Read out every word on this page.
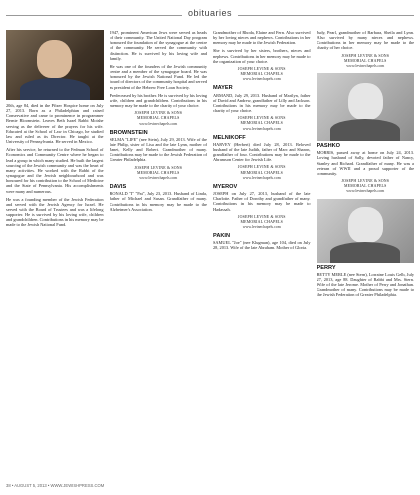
obituaries

20th, age 84, died in the Pfizer Hospice home on July 27, 2013. Born as a Philadelphian and raised Conservative and came to prominence in programmer Bernie Bloomstein. Leaves Beth Israel Rabbi Moishe serving as the deliverer of the prayers for his wife. Educated at the School of Law in Chicago, he studied law and ruled as its Director. He taught at the University of Pennsylvania. He served in Mexico.

After his service, he returned to the Fedman School of Economics and Community Centre where he began to lead a group in which many studied. He built the largest sourcing of the Jewish community and was the heart of many activities. He worked with the Rabbi of the synagogue and the Jewish neighbourhood and was honoured for his contribution to the School of Medicine and the State of Pennsylvania. His accomplishments were many and numerous.

He was a founding member of the Jewish Federation and served with the Jewish Agency for Israel. He served with the Board of Trustees and was a lifelong supporter. He is survived by his loving wife, children and grandchildren. Contributions in his memory may be made to the Jewish National Fund.

1947, prominent American Jews were served as heads of their community. The United National Day program honoured the foundation of the synagogue at the centre of the community. He served the community with distinction. He is survived by his loving wife and family.

He was one of the founders of the Jewish community centre and a member of the synagogue board. He was honoured by the Jewish National Fund. He led the board of directors of the community hospital and served as president of the Hebrew Free Loan Society.

Predeceased by his brother. He is survived by his loving wife, children and grandchildren. Contributions in his memory may be made to the charity of your choice.

JOSEPH LEVINE & SONS
MEMORIAL CHAPELS
www.levinechapels.com

BROWNSTEIN
SELMA "LIFE" (nee Stein), July 29, 2013. Wife of the late Philip, sister of Lisa and the late Lynn, mother of Janet, Kelly and Robert. Grandmother of many. Contributions may be made to the Jewish Federation of Greater Philadelphia.

JOSEPH LEVINE & SONS
MEMORIAL CHAPELS
www.levinechapels.com

DAVIS
RONALD "I" "Pat", July 23, 2013. Husband of Linda, father of Michael and Susan. Grandfather of many. Contributions in his memory may be made to the Alzheimer's Association.

Grandmother of Rhoda, Elaine and Fern. Also survived by her loving nieces and nephews. Contributions in her memory may be made to the Jewish Federation.

She is survived by her sisters, brothers, nieces and nephews. Contributions in her memory may be made to the organization of your choice.

JOSEPH LEVINE & SONS
MEMORIAL CHAPELS
www.levinechapels.com

MAYER
ARMAND, July 29, 2013. Husband of Marilyn, father of David and Andrew, grandfather of Lilly and Jackson. Contributions in his memory may be made to the charity of your choice.

JOSEPH LEVINE & SONS
MEMORIAL CHAPELS
www.levinechapels.com

MELNIKOFF
HARVEY (Herbert) died July 28, 2013. Beloved husband of the late Judith, father of Marc and Sharon, grandfather of four. Contributions may be made to the Abramson Center for Jewish Life.

JOSEPH LEVINE & SONS
MEMORIAL CHAPELS
www.levinechapels.com

MYEROV
JOSEPH on July 27, 2013, husband of the late Charlotte. Father of Dorothy and grandfather of many. Contributions in his memory may be made to Hadassah.

JOSEPH LEVINE & SONS
MEMORIAL CHAPELS
www.levinechapels.com

PAKIN
SAMUEL "Joe" (nee Klugman), age 104, died on July 28, 2013. Wife of the late Abraham. Mother of Gloria.

Judy, Pearl, grandmother of Barbara, Sheila and Lynn. Also survived by many nieces and nephews. Contributions in her memory may be made to the charity of her choice.

JOSEPH LEVINE & SONS
MEMORIAL CHAPELS
www.levinechapels.com

PASHKO
MORRIS, passed away at home on July 24, 2013. Loving husband of Sally, devoted father of Nancy, Stanley and Richard. Grandfather of many. He was a veteran of WWII and a proud supporter of the community.

JOSEPH LEVINE & SONS
MEMORIAL CHAPELS
www.levinechapels.com

PERRY
BETTY MERLE (nee Stern), Lorraine Louis Gelb, July 27, 2013, age 88. Daughter of Rabbi and Mrs. Stern. Wife of the late Jerome. Mother of Perry and Jonathan. Grandmother of many. Contributions may be made to the Jewish Federation of Greater Philadelphia.

38 • AUGUST 5, 2013 • WWW.JEWISHPRESS.COM
